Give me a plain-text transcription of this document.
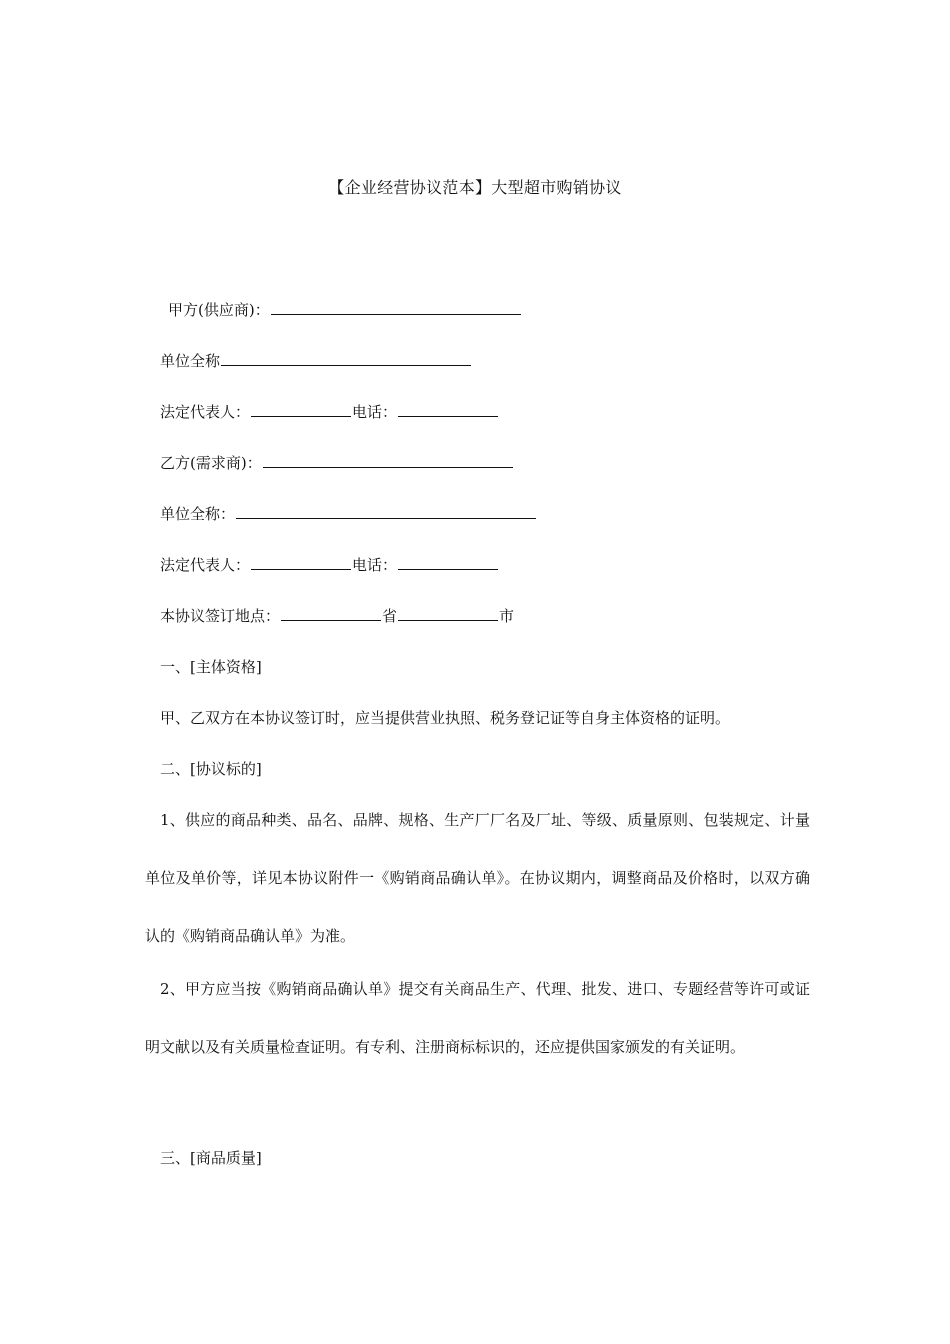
【企业经营协议范本】大型超市购销协议
甲方(供应商)：
单位全称
法定代表人：	电话：
乙方(需求商)：
单位全称：
法定代表人：	电话：
本协议签订地点：	省	市
一、[主体资格]
甲、乙双方在本协议签订时，应当提供营业执照、税务登记证等自身主体资格的证明。
二、[协议标的]
1、供应的商品种类、品名、品牌、规格、生产厂厂名及厂址、等级、质量原则、包装规定、计量单位及单价等，详见本协议附件一《购销商品确认单》。在协议期内，调整商品及价格时，以双方确认的《购销商品确认单》为准。
2、甲方应当按《购销商品确认单》提交有关商品生产、代理、批发、进口、专题经营等许可或证明文献以及有关质量检查证明。有专利、注册商标标识的，还应提供国家颁发的有关证明。
三、[商品质量]
